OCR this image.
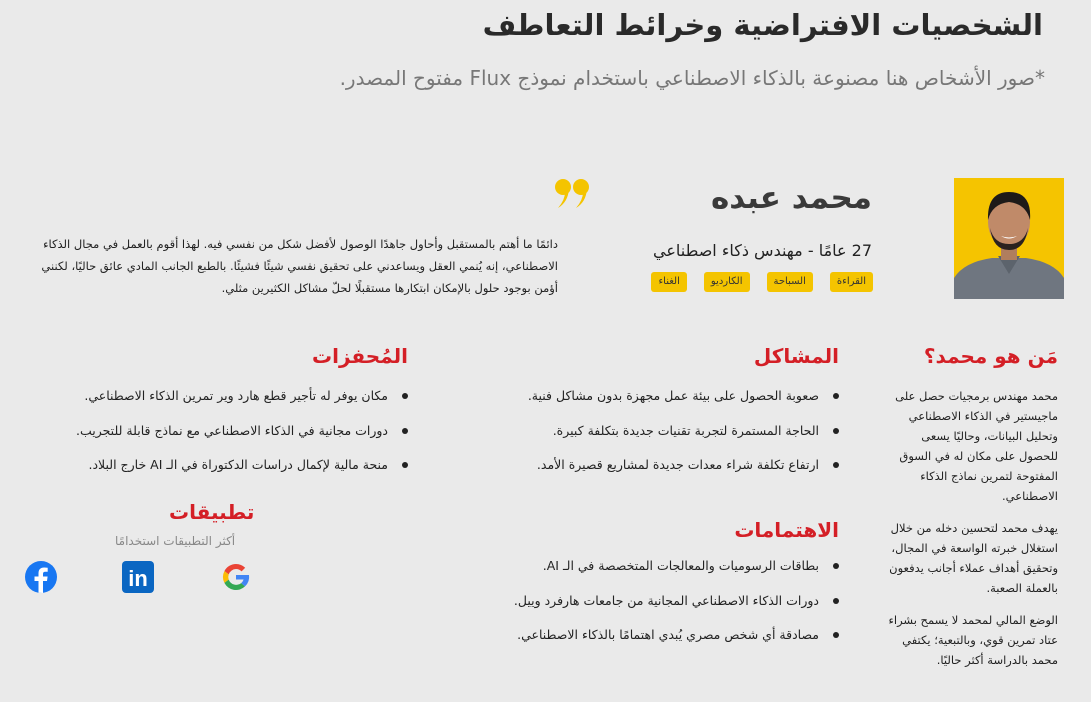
الشخصيات الافتراضية وخرائط التعاطف

*صور الأشخاص هنا مصنوعة بالذكاء الاصطناعي باستخدام نموذج Flux مفتوح المصدر.

محمد عبده
27 عامًا - مهندس ذكاء اصطناعي
القراءة
السباحة
الكارديو
الغناء
دائمًا ما أهتم بالمستقبل وأحاول جاهدًا الوصول لأفضل شكل من نفسي فيه. لهذا أقوم بالعمل في مجال الذكاء الاصطناعي، إنه يُنمي العقل ويساعدني على تحقيق نفسي شيئًا فشيئًا. بالطبع الجانب المادي عائق حاليًا، لكنني أؤمن بوجود حلول بالإمكان ابتكارها مستقبلًا لحلّ مشاكل الكثيرين مثلي.
مَن هو محمد؟

محمد مهندس برمجيات حصل على ماجيستير في الذكاء الاصطناعي وتحليل البيانات، وحاليًا يسعى للحصول على مكان له في السوق المفتوحة لتمرين نماذج الذكاء الاصطناعي.

يهدف محمد لتحسين دخله من خلال استغلال خبرته الواسعة في المجال، وتحقيق أهداف عملاء أجانب يدفعون بالعملة الصعبة.

الوضع المالي لمحمد لا يسمح بشراء عتاد تمرين قوي، وبالتبعية؛ يكتفي محمد بالدراسة أكثر حاليًا.

المشاكل
صعوبة الحصول على بيئة عمل مجهزة بدون مشاكل فنية.
الحاجة المستمرة لتجربة تقنيات جديدة بتكلفة كبيرة.
ارتفاع تكلفة شراء معدات جديدة لمشاريع قصيرة الأمد.
الاهتمامات
بطاقات الرسوميات والمعالجات المتخصصة في الـ AI.
دورات الذكاء الاصطناعي المجانية من جامعات هارفرد وييل.
مصادقة أي شخص مصري يُبدي اهتمامًا بالذكاء الاصطناعي.
المُحفزات
مكان يوفر له تأجير قطع هارد وير تمرين الذكاء الاصطناعي.
دورات مجانية في الذكاء الاصطناعي مع نماذج قابلة للتجريب.
منحة مالية لإكمال دراسات الدكتوراة في الـ AI خارج البلاد.
تطبيقات
أكثر التطبيقات استخدامًا
in
